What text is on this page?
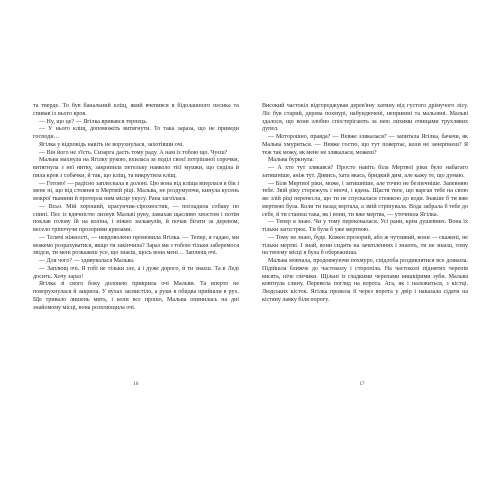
та тверде. То був банальний кліщ, який вчепився в бідолашного песика та спивав із нього кров.

— Ну, що це? — Ягілка вривався терпець.

— У нього кліщ, допоможіть витягнути. То така зараза, що не приведи господи…

Ягілка у відповідь навіть не ворухнулася, захотівши очі.

— Він його не з'їсть. Сизарга дасть тому раду. А нам із тобою що. Чуєш?

Мальва махнула на Ягілку рукою, вхиласа за поділ своєї потріпаної сорочки, витягнула з неї нитку, закрипила петельку навколо тієї мушки, що сиділа й пила кров з собачки, й так, що кліщ, та викрутила кліщ.

— Готово! — радісно заплескала в долоні. Цю вона від кліща вперлася в бік і мене ні, що від стояння в Мертвій ріці. Мальва, не роздумуючи, кинула кусень мокрої тканини й протерла ним місце укусу. Рана загоїлася.

— Всьо. Мій хороший, красунчик-сірохвостик, — погладила собаку по спині. Пес із вдячністю лизнув Мальві руку, замахав щасливо хвостом і потім поклав голову їй на коліна, і ніжно заскавулів, й почав бігати за деревом, весело тріпочучи прозорими крилами.

— Телячі ніжності, — невдоволено промовила Ягілка. — Тепер, я гадаю, ми можемо розрахуватися, якщо ти закінчила? Зараз ми з тобою тільки заберемося звідси, ти мені розкажеш усе, що знаєш, щось вона мені… Заплющ очі.

— Для чого? — здивувалася Мальва.

— Заплющ очі. Я тобі не тільки зле, а і дуже дорого, й ти знаєш. Та в Леді досить. Хочу зараз!

Ягілка зі свого боку долонею прикрила очі Мальви. Та вперто не поворухнулася й закрила. У вухах засвистіло, а руки в обидва прийшли в рух. Ще тривало лишень мить, і коли все прошо, Мальва опинилась на дні знайомому місці, вона розплющила очі.

Високий частокіл відгороджував дерев'яну хатину від густого дрімучого лісу. Ліс був старий, дерева похмурі, набундючені, неприязні та мальовні. Мальві здалося, що вони злобно спостерігають за нею лихими очищами трухлявих дупел.

— Моторошно, правда? — Невже злякалася? — запитала Ягілка, бачачи, як Мальва хмуриться. — Невже гостю, що тут повертає, коли не зачерпнеш? Я теж так можу, як мене не злякалася, можеш?

Мальва буркнула:

— А хто тут злякався? Просто навіть біла Мертвої ріки було набагато затишніше, аніж тут. Дивись, хата якась, бридкий дим, але кажу те, що думаю.

— Біля Мертвої ріки, може, і затишніше, але точно не безпечніше. Запевняю тебе. Звій ріку стережуть і вночі, і вдень. Щастя твоє, що варгая тебе на свою же злій ріці перенесла, що ти не спускалася стежкою до води. Інакше б ти вже мертвою була. Коли ти назад вертала, а змій стрінувала. Вода забрала б тебе до себе, й ти станеш така, як і вони, ти вже мертва, — уточнила Ягілка.

— Тепер я знаю. Чи у тому переконалася. Усі рани, крім душевних. Вона їх тільки загострює. Ти була б уже мертвою.

— Тому не знаю, буде. Кожен прозорий, або ж чутливий, вони — скажені, не тільки мертві. І знай, вони сидять на зачепленнях і знають, ти не знаєш, тому на твоєму місці я була б обережніша.

Мальва мовчала, продовжуючи похмуро, спідлоба роздивлятися все довкола. Підійшла ближче до частоколу і сторопіла. На частоколі піднятих черепів висять, ніче глечики. Щільні із гладкими черепами вишкірими зуби. Мальва ковтнула слину. Перевела погляд на ворота. Ага, як і належиться, з кістці. Людських кісток. Ягілка провела її через ворота у двір і наказала сідати на кістяну лавку біля порогу.

16	17
